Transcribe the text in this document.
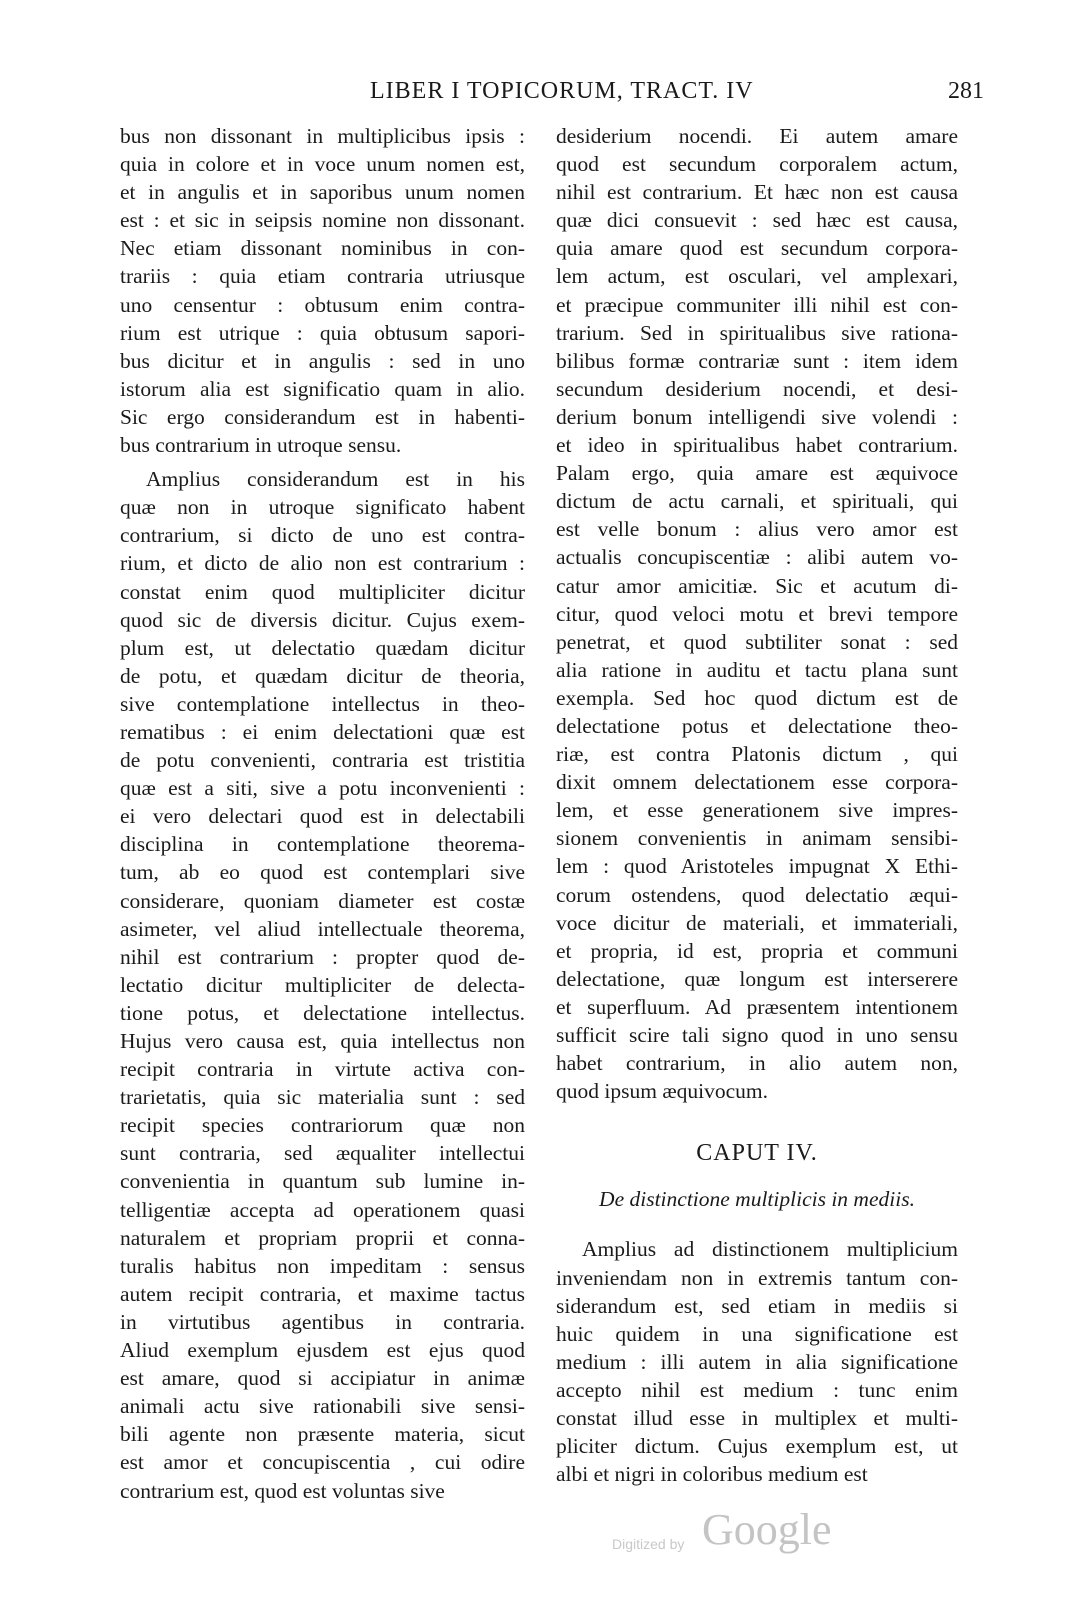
LIBER I TOPICORUM, TRACT. IV	281

bus non dissonant in multiplicibus ipsis :
quia in colore et in voce unum nomen est,
et in angulis et in saporibus unum nomen
est : et sic in seipsis nomine non dissonant.
Nec etiam dissonant nominibus in con-
trariis : quia etiam contraria utriusque
uno censentur : obtusum enim contra-
rium est utrique : quia obtusum sapori-
bus dicitur et in angulis : sed in uno
istorum alia est significatio quam in alio.
Sic ergo considerandum est in habenti-
bus contrarium in utroque sensu.

Amplius considerandum est in his
quæ non in utroque significato habent
contrarium, si dicto de uno est contra-
rium, et dicto de alio non est contrarium :
constat enim quod multipliciter dicitur
quod sic de diversis dicitur. Cujus exem-
plum est, ut delectatio quædam dicitur
de potu, et quædam dicitur de theoria,
sive contemplatione intellectus in theo-
rematibus : ei enim delectationi quæ est
de potu convenienti, contraria est tristitia
quæ est a siti, sive a potu inconvenienti :
ei vero delectari quod est in delectabili
disciplina in contemplatione theorema-
tum, ab eo quod est contemplari sive
considerare, quoniam diameter est costæ
asimeter, vel aliud intellectuale theorema,
nihil est contrarium : propter quod de-
lectatio dicitur multipliciter de delecta-
tione potus, et delectatione intellectus.
Hujus vero causa est, quia intellectus non
recipit contraria in virtute activa con-
trarietatis, quia sic materialia sunt : sed
recipit species contrariorum quæ non
sunt contraria, sed æqualiter intellectui
convenientia in quantum sub lumine in-
telligentiæ accepta ad operationem quasi
naturalem et propriam proprii et conna-
turalis habitus non impeditam : sensus
autem recipit contraria, et maxime tactus
in virtutibus agentibus in contraria.
Aliud exemplum ejusdem est ejus quod
est amare, quod si accipiatur in animæ
animali actu sive rationabili sive sensi-
bili agente non præsente materia, sicut
est amor et concupiscentia , cui odire
contrarium est, quod est voluntas sive

desiderium nocendi. Ei autem amare
quod est secundum corporalem actum,
nihil est contrarium. Et hæc non est causa
quæ dici consuevit : sed hæc est causa,
quia amare quod est secundum corpora-
lem actum, est osculari, vel amplexari,
et præcipue communiter illi nihil est con-
trarium. Sed in spiritualibus sive rationa-
bilibus formæ contrariæ sunt : item idem
secundum desiderium nocendi, et desi-
derium bonum intelligendi sive volendi :
et ideo in spiritualibus habet contrarium.
Palam ergo, quia amare est æquivoce
dictum de actu carnali, et spirituali, qui
est velle bonum : alius vero amor est
actualis concupiscentiæ : alibi autem vo-
catur amor amicitiæ. Sic et acutum di-
citur, quod veloci motu et brevi tempore
penetrat, et quod subtiliter sonat : sed
alia ratione in auditu et tactu plana sunt
exempla. Sed hoc quod dictum est de
delectatione potus et delectatione theo-
riæ, est contra Platonis dictum , qui
dixit omnem delectationem esse corpora-
lem, et esse generationem sive impres-
sionem convenientis in animam sensibi-
lem : quod Aristoteles impugnat X Ethi-
corum ostendens, quod delectatio æqui-
voce dicitur de materiali, et immateriali,
et propria, id est, propria et communi
delectatione, quæ longum est interserere
et superfluum. Ad præsentem intentionem
sufficit scire tali signo quod in uno sensu
habet contrarium, in alio autem non,
quod ipsum æquivocum.

CAPUT IV.
De distinctione multiplicis in mediis.

Amplius ad distinctionem multiplicium
inveniendam non in extremis tantum con-
siderandum est, sed etiam in mediis si
huic quidem in una significatione est
medium : illi autem in alia significatione
accepto nihil est medium : tunc enim
constat illud esse in multiplex et multi-
pliciter dictum. Cujus exemplum est, ut
albi et nigri in coloribus medium est

Digitized by Google
